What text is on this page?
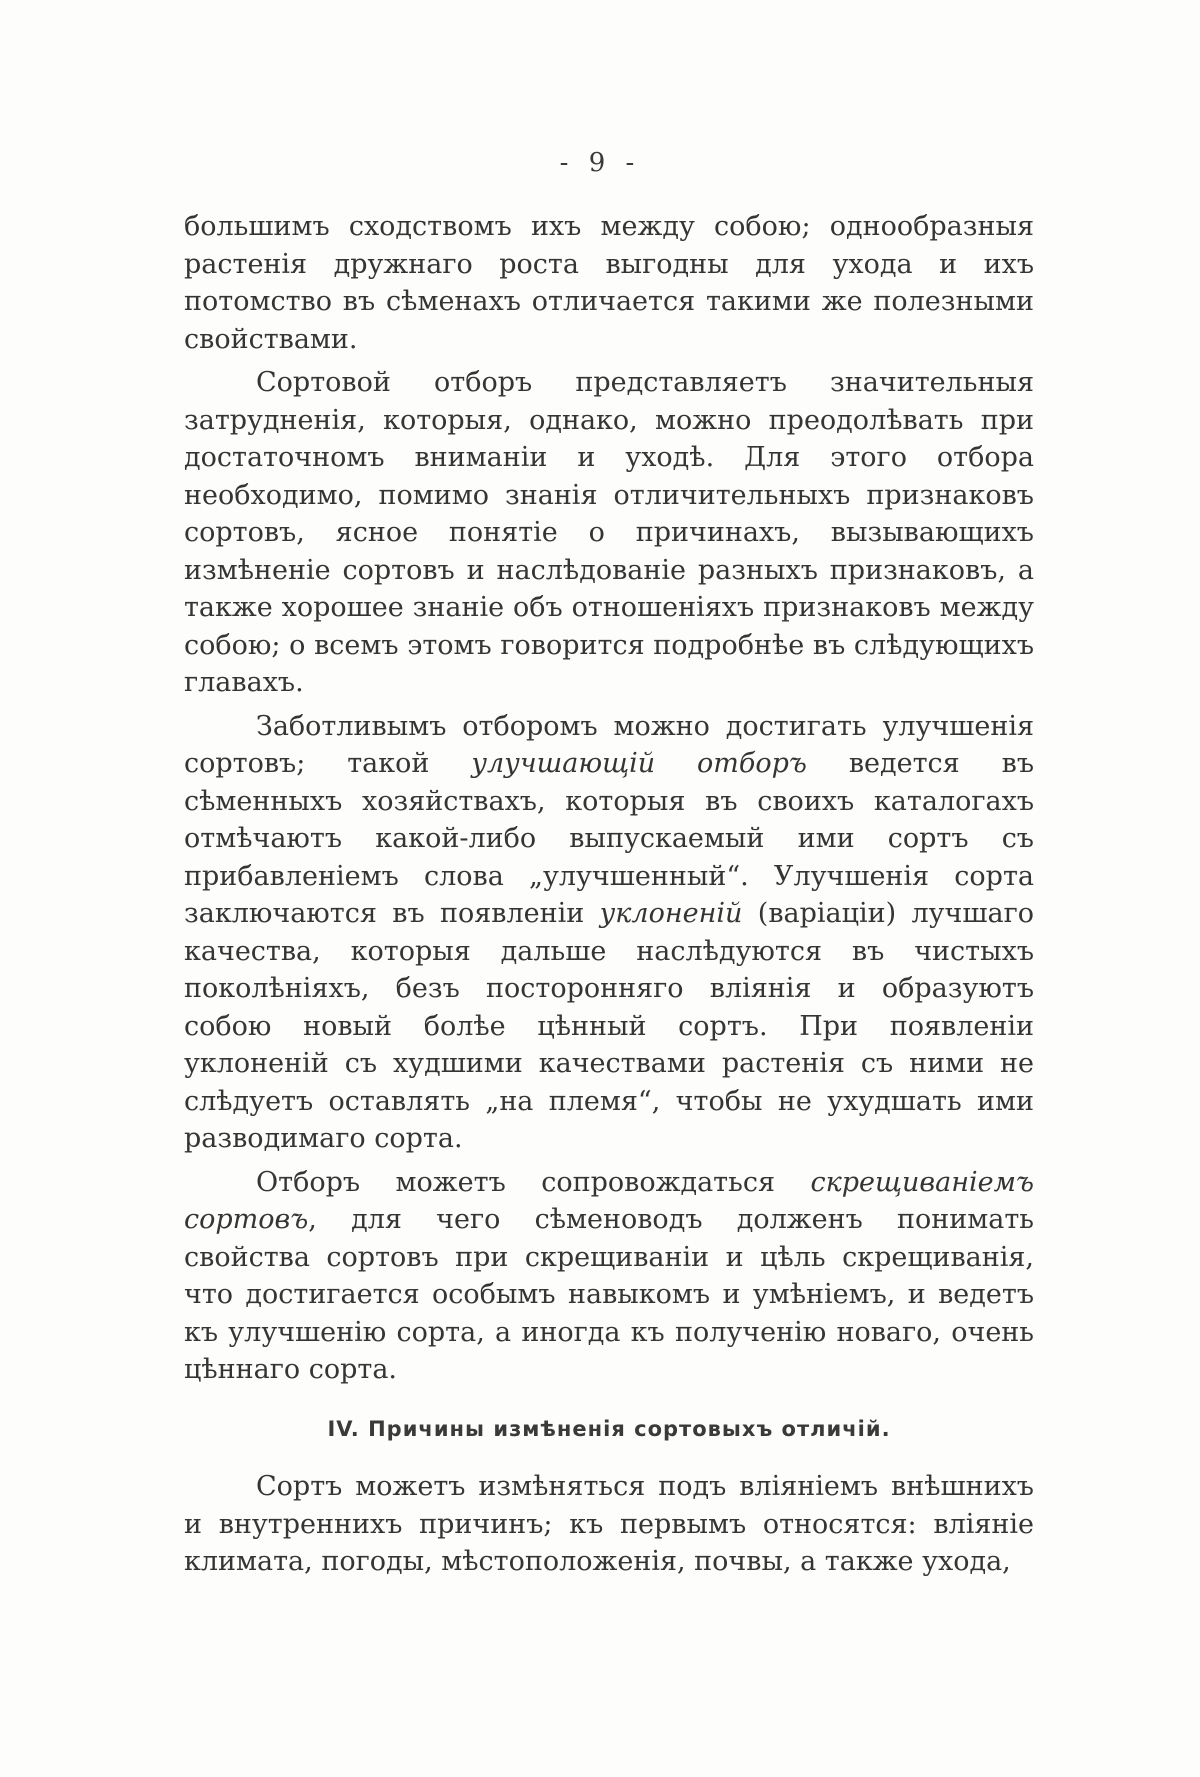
- 9 -

большимъ сходствомъ ихъ между собою; однообразныя растенія дружнаго роста выгодны для ухода и ихъ потомство въ сѣменахъ отличается такими же полезными свойствами.

Сортовой отборъ представляетъ значительныя затрудненія, которыя, однако, можно преодолѣвать при достаточномъ вниманіи и уходѣ. Для этого отбора необходимо, помимо знанія отличительныхъ признаковъ сортовъ, ясное понятіе о причинахъ, вызывающихъ измѣненіе сортовъ и наслѣдованіе разныхъ признаковъ, а также хорошее знаніе объ отношеніяхъ признаковъ между собою; о всемъ этомъ говорится подробнѣе въ слѣдующихъ главахъ.

Заботливымъ отборомъ можно достигать улучшенія сортовъ; такой улучшающій отборъ ведется въ сѣменныхъ хозяйствахъ, которыя въ своихъ каталогахъ отмѣчаютъ какой-либо выпускаемый ими сортъ съ прибавленіемъ слова „улучшенный“. Улучшенія сорта заключаются въ появленіи уклоненій (варіаціи) лучшаго качества, которыя дальше наслѣдуются въ чистыхъ поколѣніяхъ, безъ посторонняго вліянія и образуютъ собою новый болѣе цѣнный сортъ. При появленіи уклоненій съ худшими качествами растенія съ ними не слѣдуетъ оставлять „на племя“, чтобы не ухудшать ими разводимаго сорта.

Отборъ можетъ сопровождаться скрещиваніемъ сортовъ, для чего сѣменоводъ долженъ понимать свойства сортовъ при скрещиваніи и цѣль скрещиванія, что достигается особымъ навыкомъ и умѣніемъ, и ведетъ къ улучшенію сорта, а иногда къ полученію новаго, очень цѣннаго сорта.

IV. Причины измѣненія сортовыхъ отличій.

Сортъ можетъ измѣняться подъ вліяніемъ внѣшнихъ и внутреннихъ причинъ; къ первымъ относятся: вліяніе климата, погоды, мѣстоположенія, почвы, а также ухода,
